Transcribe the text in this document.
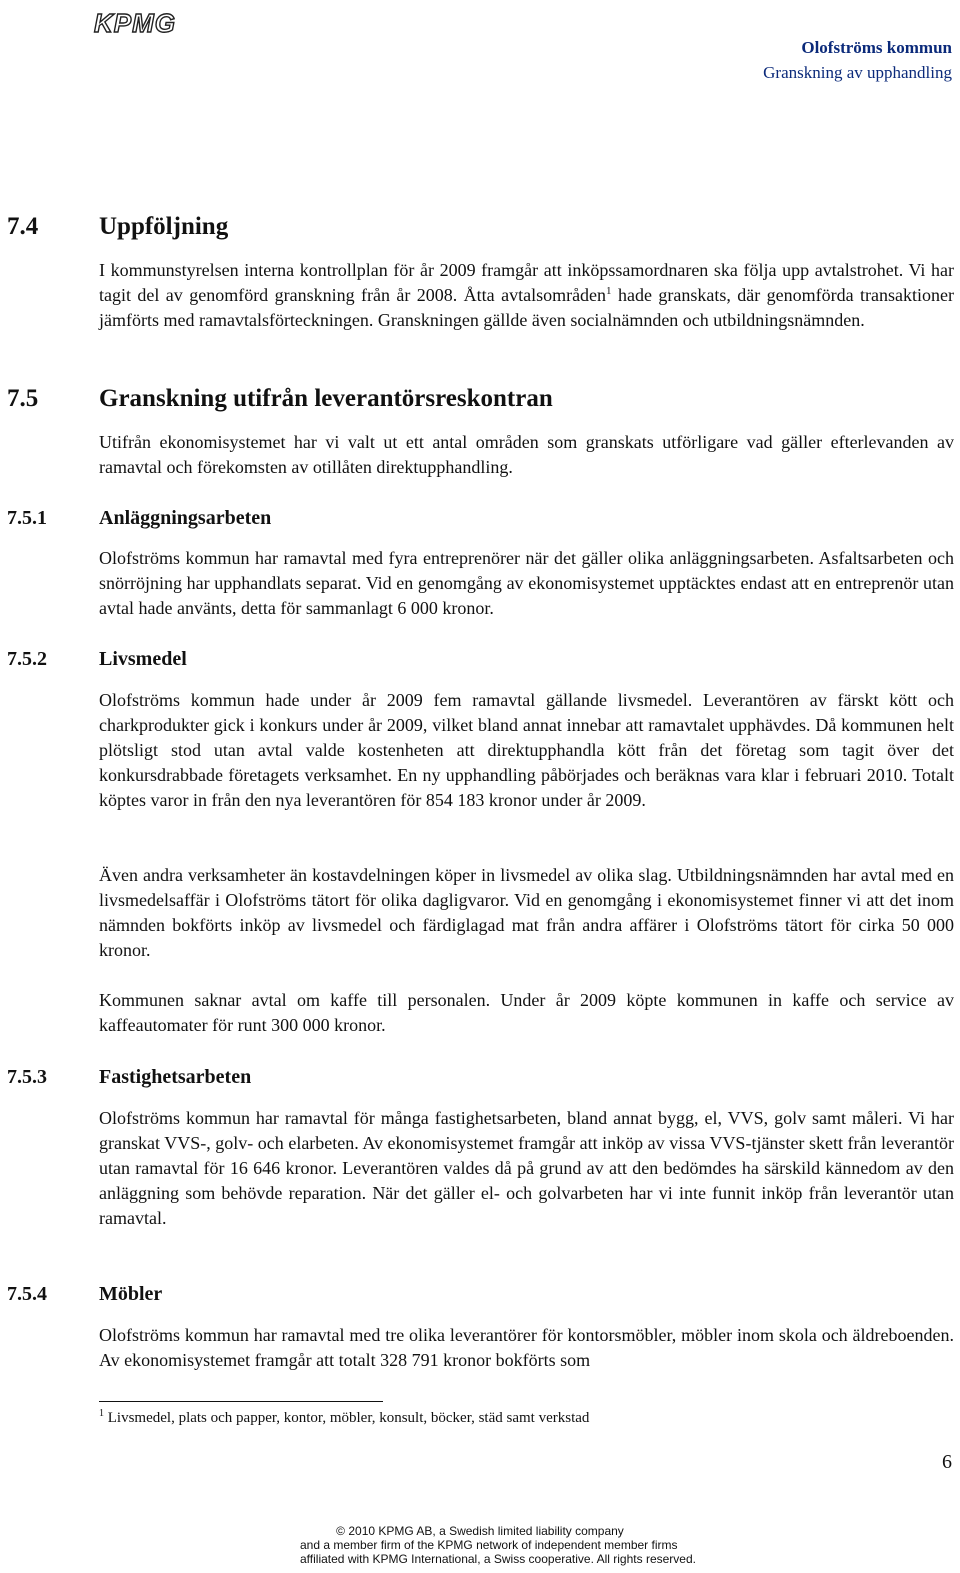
KPMG
Olofströms kommun
Granskning av upphandling
7.4 Uppföljning

I kommunstyrelsen interna kontrollplan för år 2009 framgår att inköpssamordnaren ska följa upp avtalstrohet. Vi har tagit del av genomförd granskning från år 2008. Åtta avtalsområden$^1$ hade granskats, där genomförda transaktioner jämförts med ramavtalsförteckningen. Granskningen gällde även socialnämnden och utbildningsnämnden.

7.5 Granskning utifrån leverantörsreskontran

Utifrån ekonomisystemet har vi valt ut ett antal områden som granskats utförligare vad gäller efterlevanden av ramavtal och förekomsten av otillåten direktupphandling.

7.5.1	Anläggningsarbeten

Olofströms kommun har ramavtal med fyra entreprenörer när det gäller olika anläggningsarbeten. Asfaltsarbeten och snörröjning har upphandlats separat. Vid en genomgång av ekonomisystemet upptäcktes endast att en entreprenör utan avtal hade använts, detta för sammanlagt 6 000 kronor.

7.5.2	Livsmedel

Olofströms kommun hade under år 2009 fem ramavtal gällande livsmedel. Leverantören av färskt kött och charkprodukter gick i konkurs under år 2009, vilket bland annat innebar att ramavtalet upphävdes. Då kommunen helt plötsligt stod utan avtal valde kostenheten att direktupphandla kött från det företag som tagit över det konkursdrabbade företagets verksamhet. En ny upphandling påbörjades och beräknas vara klar i februari 2010. Totalt köptes varor in från den nya leverantören för 854 183 kronor under år 2009.

Även andra verksamheter än kostavdelningen köper in livsmedel av olika slag. Utbildningsnämnden har avtal med en livsmedelsaffär i Olofströms tätort för olika dagligvaror. Vid en genomgång i ekonomisystemet finner vi att det inom nämnden bokförts inköp av livsmedel och färdiglagad mat från andra affärer i Olofströms tätort för cirka 50 000 kronor.

Kommunen saknar avtal om kaffe till personalen. Under år 2009 köpte kommunen in kaffe och service av kaffeautomater för runt 300 000 kronor.

7.5.3	Fastighetsarbeten

Olofströms kommun har ramavtal för många fastighetsarbeten, bland annat bygg, el, VVS, golv samt måleri. Vi har granskat VVS-, golv- och elarbeten. Av ekonomisystemet framgår att inköp av vissa VVS-tjänster skett från leverantör utan ramavtal för 16 646 kronor. Leverantören valdes då på grund av att den bedömdes ha särskild kännedom av den anläggning som behövde reparation. När det gäller el- och golvarbeten har vi inte funnit inköp från leverantör utan ramavtal.

7.5.4	Möbler

Olofströms kommun har ramavtal med tre olika leverantörer för kontorsmöbler, möbler inom skola och äldreboenden. Av ekonomisystemet framgår att totalt 328 791 kronor bokförts som

$^1$ Livsmedel, plats och papper, kontor, möbler, konsult, böcker, städ samt verkstad
6
© 2010 KPMG AB, a Swedish limited liability company
and a member firm of the KPMG network of independent member firms
affiliated with KPMG International, a Swiss cooperative. All rights reserved.
